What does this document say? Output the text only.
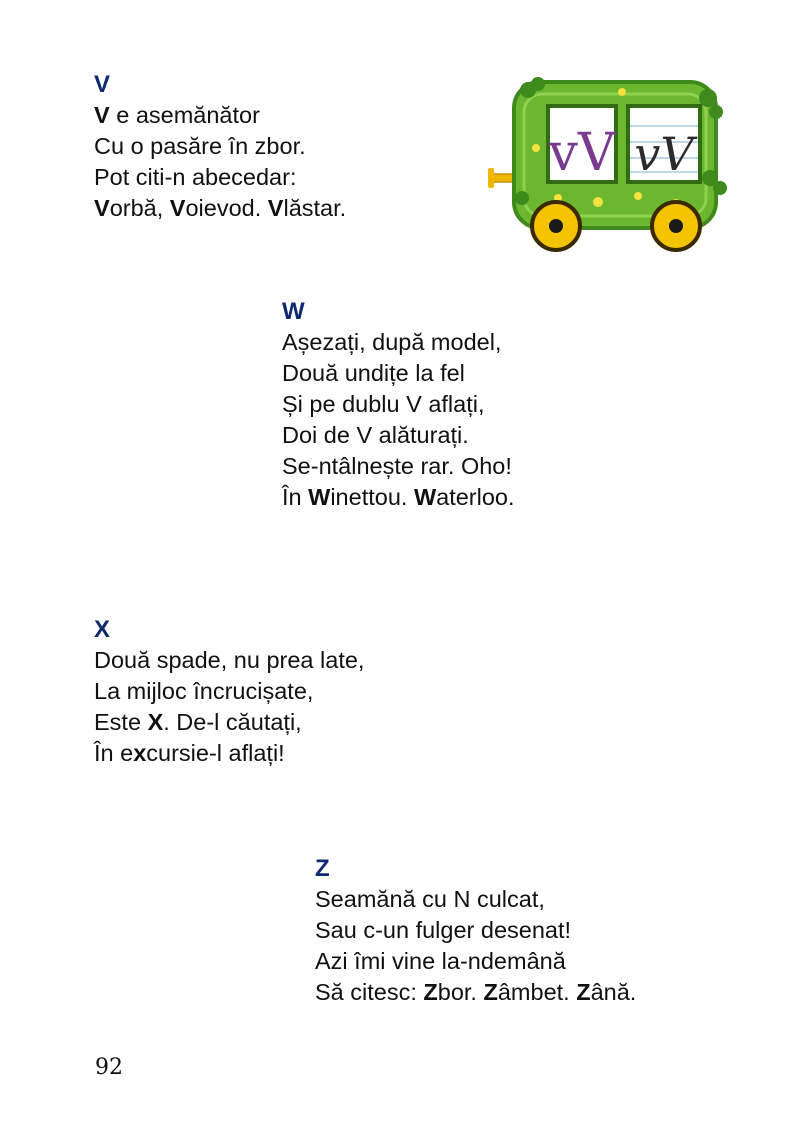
V
V e asemănător
Cu o pasăre în zbor.
Pot citi-n abecedar:
Vorbă, Voievod. Vlăstar.
vV vV
W
Așezați, după model,
Două undițe la fel
Și pe dublu V aflați,
Doi de V alăturați.
Se-ntâlnește rar. Oho!
În Winettou. Waterloo.
X
Două spade, nu prea late,
La mijloc încrucișate,
Este X. De-l căutați,
În excursie-l aflați!
Z
Seamănă cu N culcat,
Sau c-un fulger desenat!
Azi îmi vine la-ndemână
Să citesc: Zbor. Zâmbet. Zână.
92
